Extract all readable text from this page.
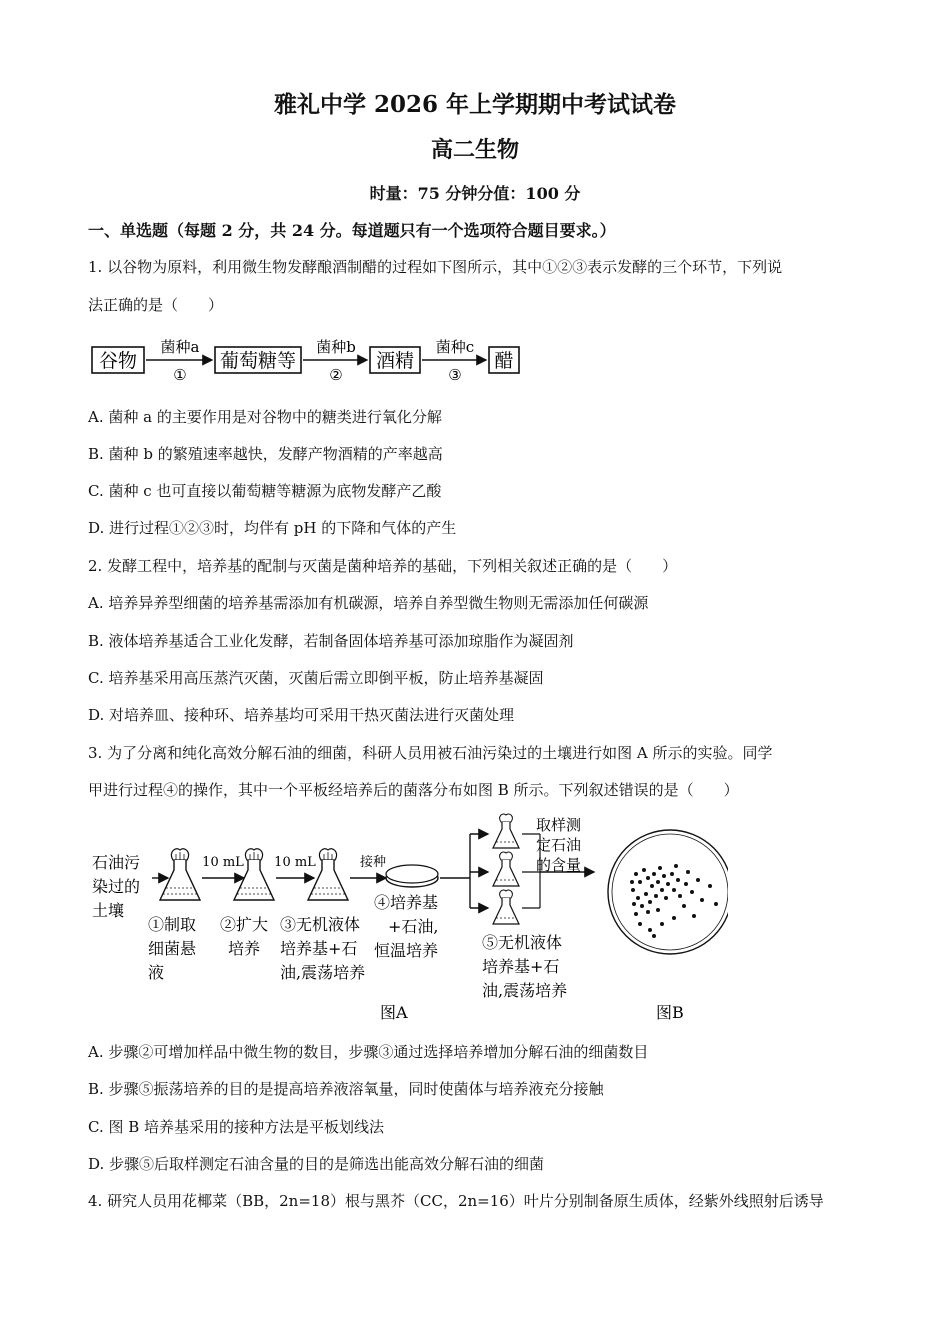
雅礼中学 2026 年上学期期中考试试卷
高二生物
时量：75 分钟分值：100 分
一、单选题（每题 2 分，共 24 分。每道题只有一个选项符合题目要求。）
1. 以谷物为原料，利用微生物发酵酿酒制醋的过程如下图所示，其中①②③表示发酵的三个环节，下列说
法正确的是（　　）
谷物
菌种a
①
葡萄糖等
菌种b
②
酒精
菌种c
③
醋
A. 菌种 a 的主要作用是对谷物中的糖类进行氧化分解
B. 菌种 b 的繁殖速率越快，发酵产物酒精的产率越高
C. 菌种 c 也可直接以葡萄糖等糖源为底物发酵产乙酸
D. 进行过程①②③时，均伴有 pH 的下降和气体的产生
2. 发酵工程中，培养基的配制与灭菌是菌种培养的基础，下列相关叙述正确的是（　　）
A. 培养异养型细菌的培养基需添加有机碳源，培养自养型微生物则无需添加任何碳源
B. 液体培养基适合工业化发酵，若制备固体培养基可添加琼脂作为凝固剂
C. 培养基采用高压蒸汽灭菌，灭菌后需立即倒平板，防止培养基凝固
D. 对培养皿、接种环、培养基均可采用干热灭菌法进行灭菌处理
3. 为了分离和纯化高效分解石油的细菌，科研人员用被石油污染过的土壤进行如图 A 所示的实验。同学
甲进行过程④的操作，其中一个平板经培养后的菌落分布如图 B 所示。下列叙述错误的是（　　）
石油污
染过的
土壤
①制取
细菌悬
液
10 mL
②扩大
培养
10 mL
③无机液体
培养基+石
油,震荡培养
接种
④培养基
+石油,
恒温培养
取样测
定石油
的含量
⑤无机液体
培养基+石
油,震荡培养
图A	图B
A. 步骤②可增加样品中微生物的数目，步骤③通过选择培养增加分解石油的细菌数目
B. 步骤⑤振荡培养的目的是提高培养液溶氧量，同时使菌体与培养液充分接触
C. 图 B 培养基采用的接种方法是平板划线法
D. 步骤⑤后取样测定石油含量的目的是筛选出能高效分解石油的细菌
4. 研究人员用花椰菜（BB，2n=18）根与黑芥（CC，2n=16）叶片分别制备原生质体，经紫外线照射后诱导
